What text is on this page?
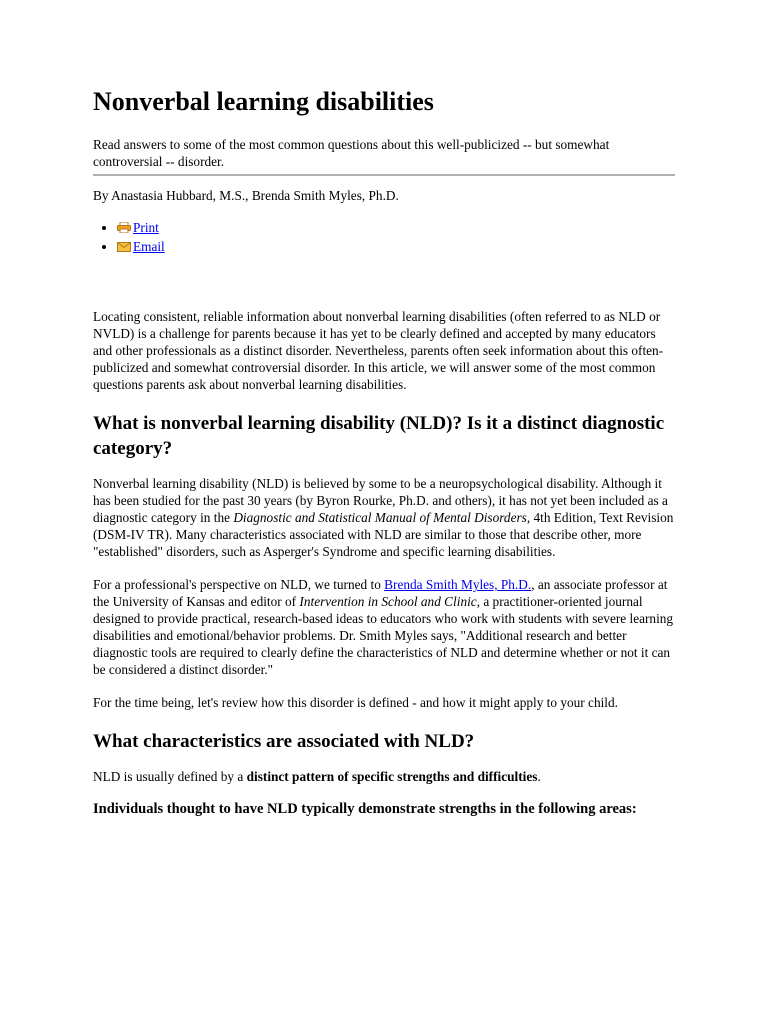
Nonverbal learning disabilities

Read answers to some of the most common questions about this well-publicized -- but somewhat controversial -- disorder.

By Anastasia Hubbard, M.S., Brenda Smith Myles, Ph.D.

• Print
• Email

Locating consistent, reliable information about nonverbal learning disabilities (often referred to as NLD or NVLD) is a challenge for parents because it has yet to be clearly defined and accepted by many educators and other professionals as a distinct disorder. Nevertheless, parents often seek information about this often-publicized and somewhat controversial disorder. In this article, we will answer some of the most common questions parents ask about nonverbal learning disabilities.

What is nonverbal learning disability (NLD)? Is it a distinct diagnostic category?

Nonverbal learning disability (NLD) is believed by some to be a neuropsychological disability. Although it has been studied for the past 30 years (by Byron Rourke, Ph.D. and others), it has not yet been included as a diagnostic category in the Diagnostic and Statistical Manual of Mental Disorders, 4th Edition, Text Revision (DSM-IV TR). Many characteristics associated with NLD are similar to those that describe other, more "established" disorders, such as Asperger's Syndrome and specific learning disabilities.

For a professional's perspective on NLD, we turned to Brenda Smith Myles, Ph.D., an associate professor at the University of Kansas and editor of Intervention in School and Clinic, a practitioner-oriented journal designed to provide practical, research-based ideas to educators who work with students with severe learning disabilities and emotional/behavior problems. Dr. Smith Myles says, "Additional research and better diagnostic tools are required to clearly define the characteristics of NLD and determine whether or not it can be considered a distinct disorder."

For the time being, let's review how this disorder is defined - and how it might apply to your child.

What characteristics are associated with NLD?

NLD is usually defined by a distinct pattern of specific strengths and difficulties.

Individuals thought to have NLD typically demonstrate strengths in the following areas:
